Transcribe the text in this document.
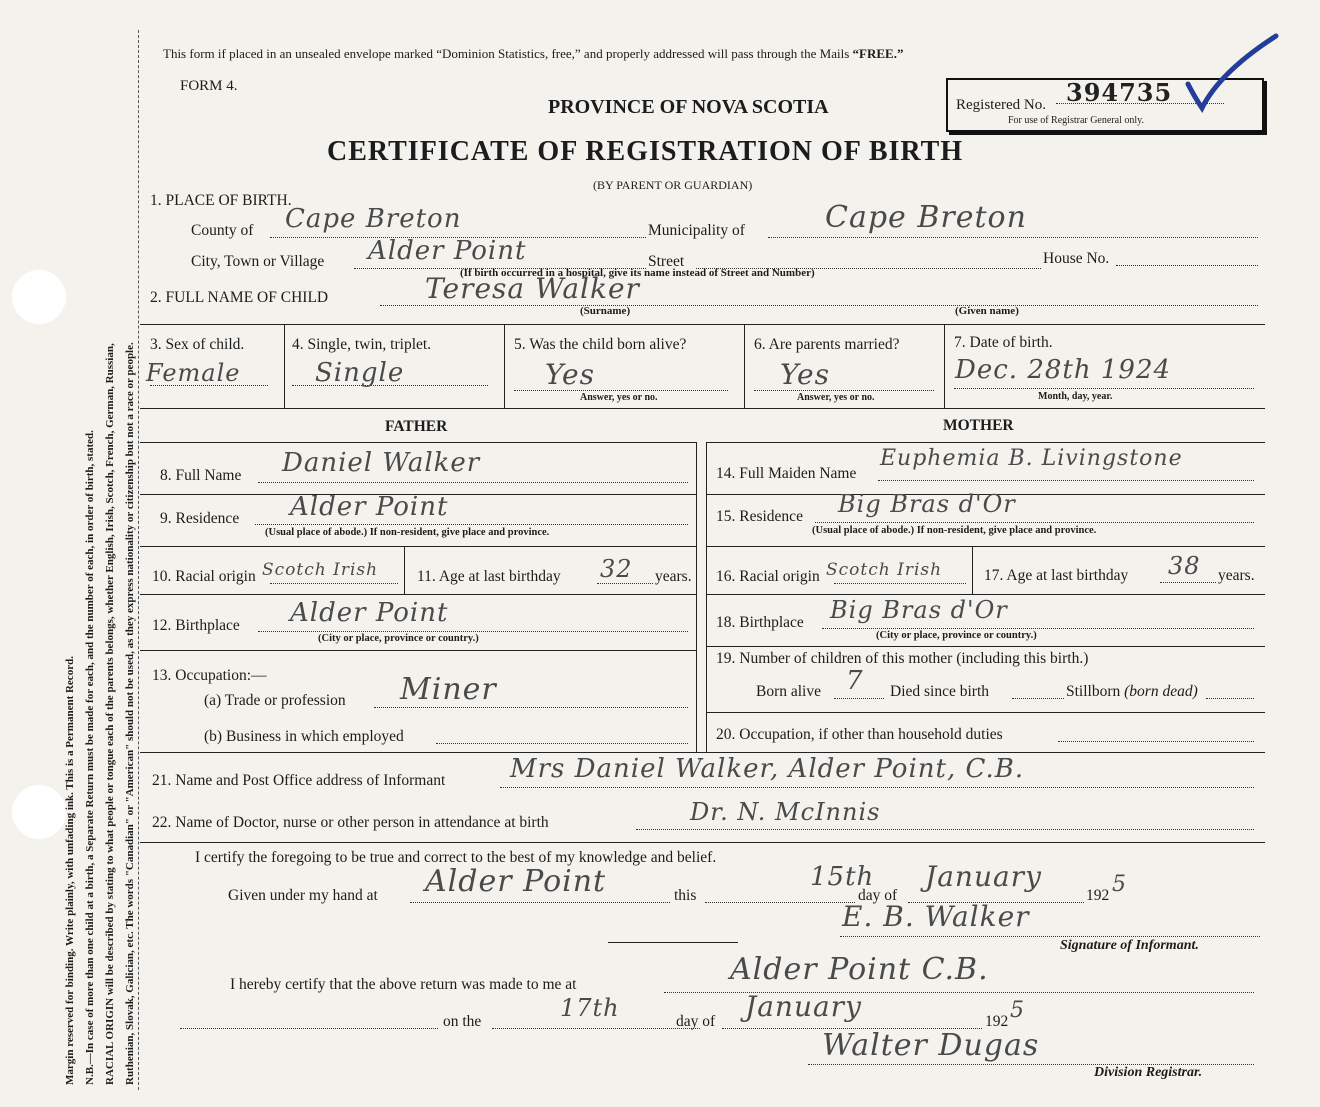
Margin reserved for binding. Write plainly, with unfading ink. This is a Permanent Record. N.B.—In case of more than one child at a birth, a Separate Return must be made for each, and the number of each, in order of birth, stated. RACIAL ORIGIN will be described by stating to what people or tongue each of the parents belongs, whether English, Irish, Scotch, French, German, Russian, Ruthenian, Slovak, Galician, etc. The words "Canadian" or "American" should not be used, as they express nationality or citizenship but not a race or people.
This form if placed in an unsealed envelope marked “Dominion Statistics, free,” and properly addressed will pass through the Mails “FREE.”
FORM 4.
PROVINCE OF NOVA SCOTIA
CERTIFICATE OF REGISTRATION OF BIRTH
(BY PARENT OR GUARDIAN)
Registered No. 394735
For use of Registrar General only.
1. PLACE OF BIRTH.
County of Cape Breton	Municipality of	Cape Breton
City, Town or Village Alder Point	Street	House No.
(If birth occurred in a hospital, give its name instead of Street and Number)
2. FULL NAME OF CHILD	Teresa Walker
(Surname)	(Given name)
3. Sex of child.
Female
4. Single, twin, triplet.
Single
5. Was the child born alive?
Yes
Answer, yes or no.
6. Are parents married?
Yes
Answer, yes or no.
7. Date of birth.
Dec. 28th 1924
Month, day, year.
FATHER	MOTHER
8. Full Name Daniel Walker
9. Residence Alder Point
(Usual place of abode.) If non-resident, give place and province.
10. Racial origin Scotch Irish	11. Age at last birthday 32 years.
12. Birthplace Alder Point
(City or place, province or country.)
13. Occupation:—
(a) Trade or profession Miner
(b) Business in which employed
14. Full Maiden Name
Euphemia B. Livingstone
15. Residence Big Bras d'Or
(Usual place of abode.) If non-resident, give place and province.
16. Racial origin Scotch Irish	17. Age at last birthday 38 years.
18. Birthplace Big Bras d'Or
(City or place, province or country.)
19. Number of children of this mother (including this birth.)
Born alive 7 Died since birth	Stillborn (born dead)
20. Occupation, if other than household duties
21. Name and Post Office address of Informant Mrs Daniel Walker, Alder Point, C.B.
22. Name of Doctor, nurse or other person in attendance at birth	Dr. N. McInnis
I certify the foregoing to be true and correct to the best of my knowledge and belief.
Given under my hand at Alder Point	this
15th
day of
January
192 5
E. B. Walker
Signature of Informant.
I hereby certify that the above return was made to me at	Alder Point C.B.
on the	17th	day of January	192 5
Walter Dugas
Division Registrar.
